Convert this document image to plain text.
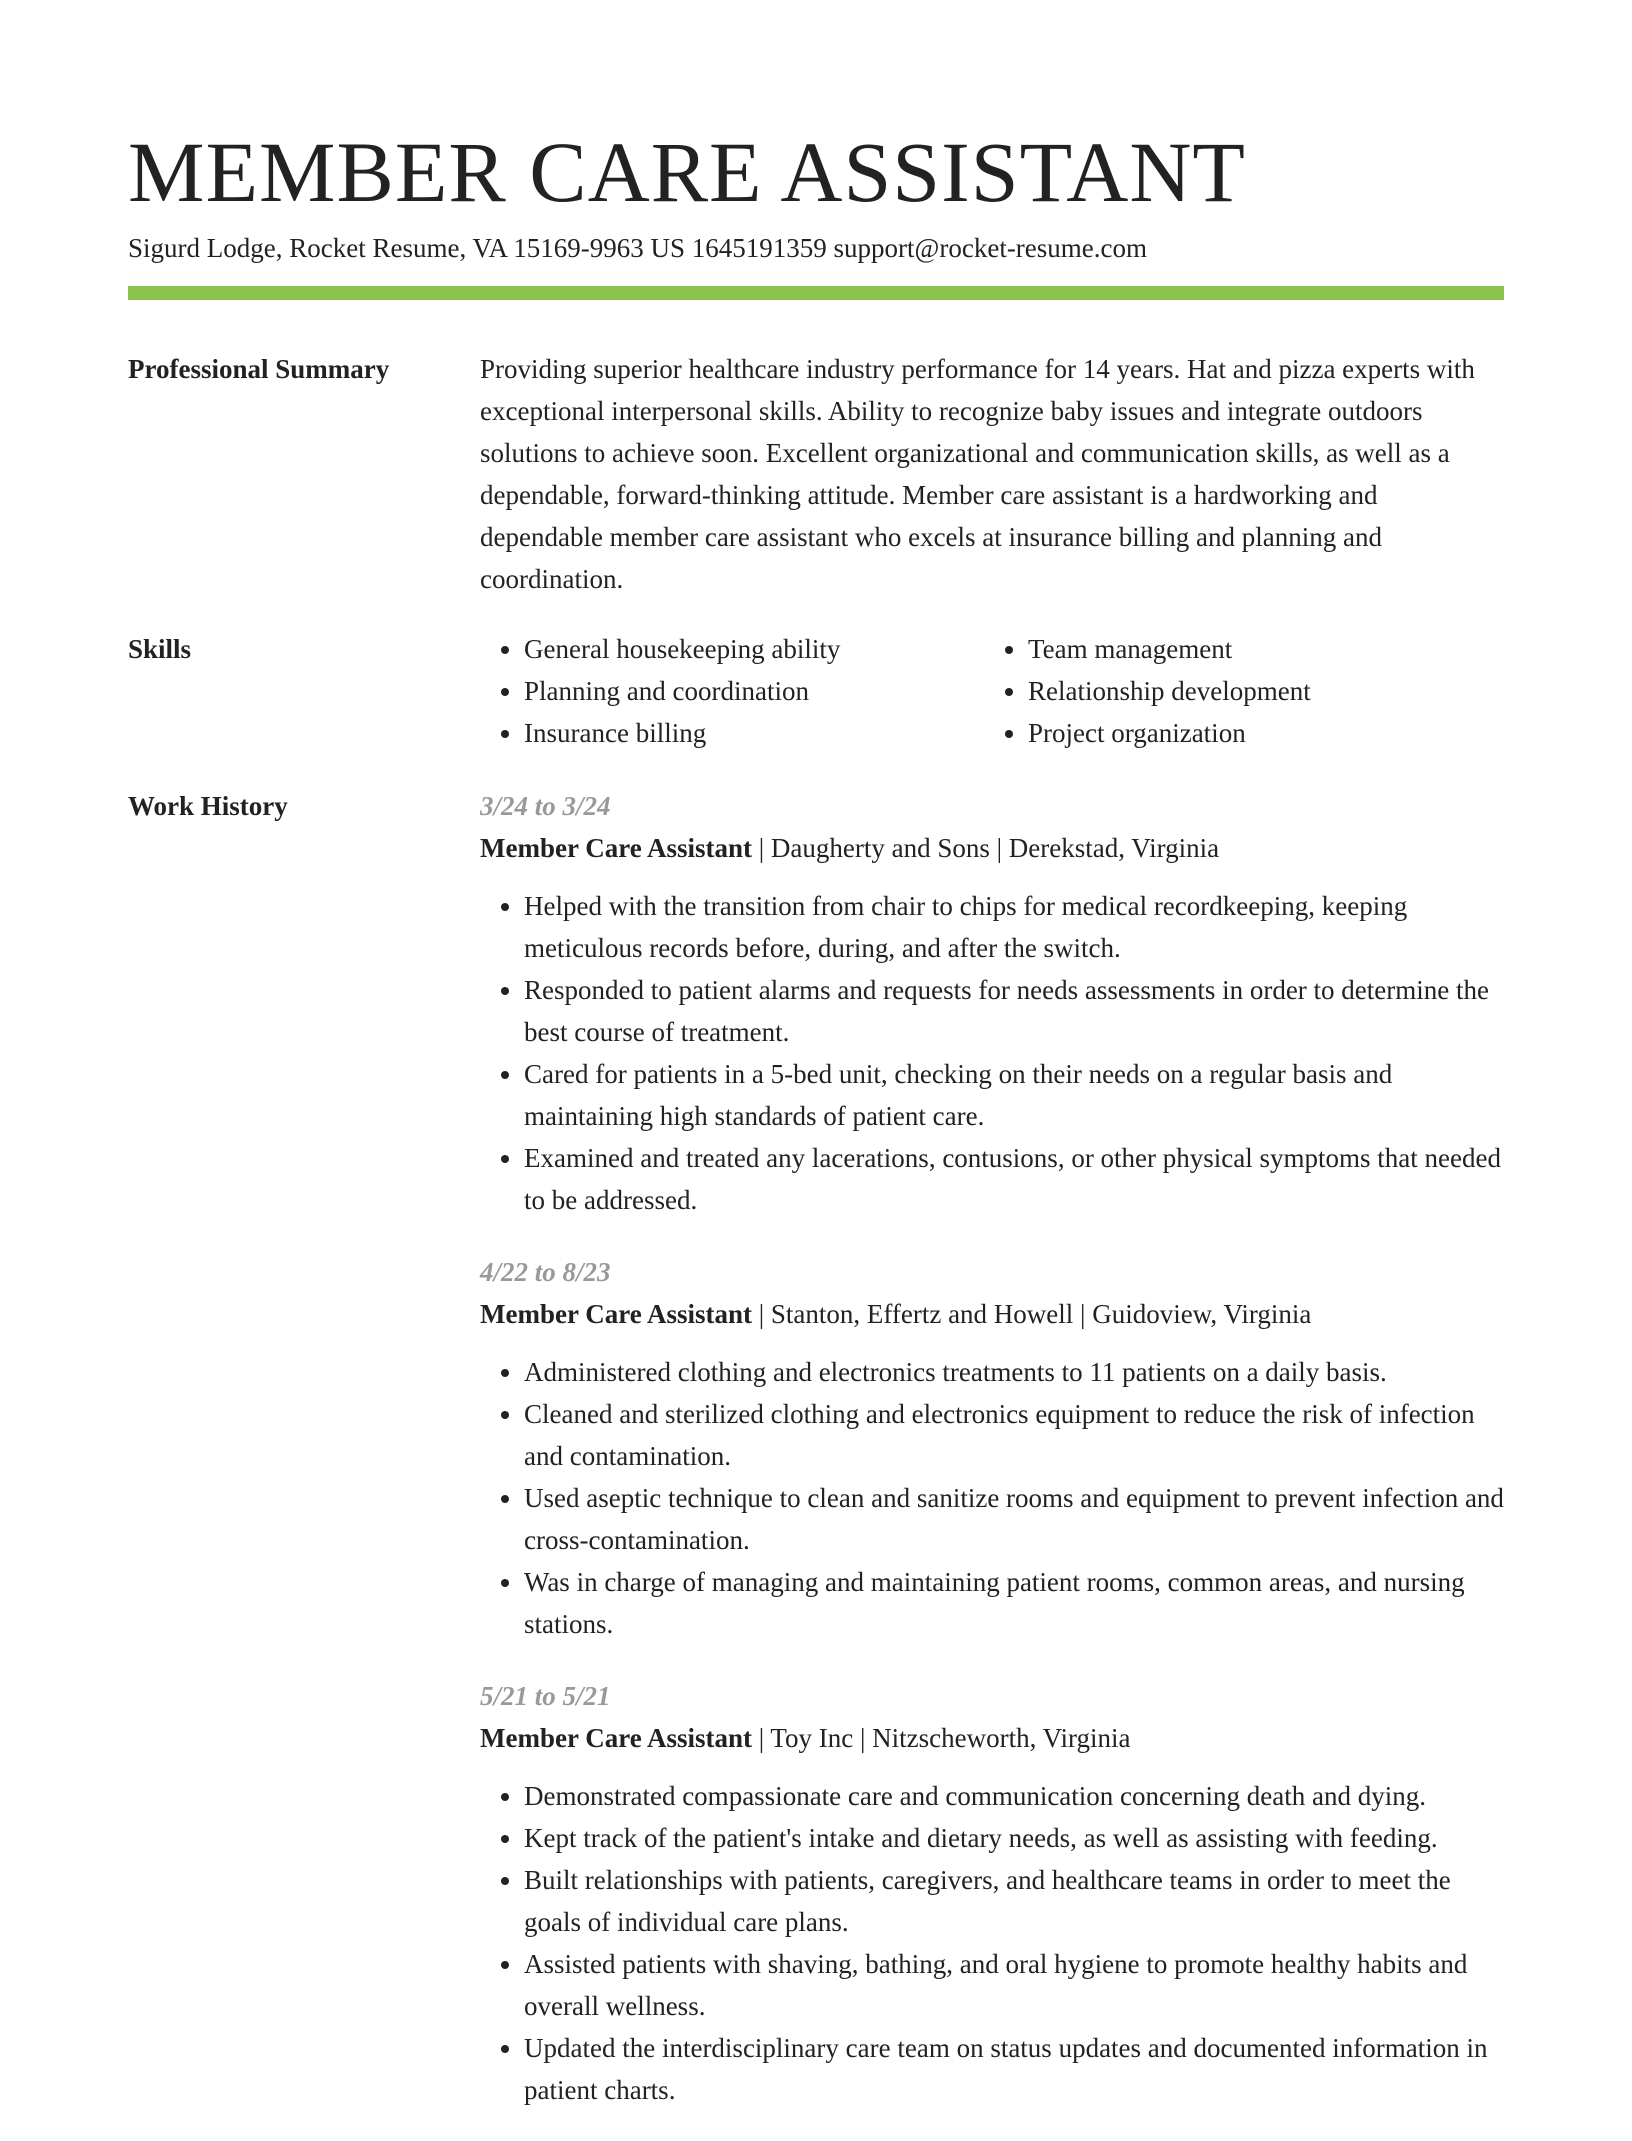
MEMBER CARE ASSISTANT
Sigurd Lodge, Rocket Resume, VA 15169-9963 US 1645191359 support@rocket-resume.com
Professional Summary	Providing superior healthcare industry performance for 14 years. Hat and pizza experts with exceptional interpersonal skills. Ability to recognize baby issues and integrate outdoors solutions to achieve soon. Excellent organizational and communication skills, as well as a dependable, forward-thinking attitude. Member care assistant is a hardworking and dependable member care assistant who excels at insurance billing and planning and coordination.

Skills
•	General housekeeping ability
• Planning and coordination
• Insurance billing
• Team management
• Relationship development
• Project organization
Work History	3/24 to 3/24
Member Care Assistant | Daugherty and Sons | Derekstad, Virginia
• Helped with the transition from chair to chips for medical recordkeeping, keeping meticulous records before, during, and after the switch.
• Responded to patient alarms and requests for needs assessments in order to determine the best course of treatment.
• Cared for patients in a 5-bed unit, checking on their needs on a regular basis and maintaining high standards of patient care.
• Examined and treated any lacerations, contusions, or other physical symptoms that needed to be addressed.
4/22 to 8/23
Member Care Assistant | Stanton, Effertz and Howell | Guidoview, Virginia
• Administered clothing and electronics treatments to 11 patients on a daily basis.
• Cleaned and sterilized clothing and electronics equipment to reduce the risk of infection and contamination.
• Used aseptic technique to clean and sanitize rooms and equipment to prevent infection and cross-contamination.
• Was in charge of managing and maintaining patient rooms, common areas, and nursing stations.
5/21 to 5/21
Member Care Assistant | Toy Inc | Nitzscheworth, Virginia
• Demonstrated compassionate care and communication concerning death and dying.
• Kept track of the patient's intake and dietary needs, as well as assisting with feeding.
• Built relationships with patients, caregivers, and healthcare teams in order to meet the goals of individual care plans.
• Assisted patients with shaving, bathing, and oral hygiene to promote healthy habits and overall wellness.
• Updated the interdisciplinary care team on status updates and documented information in patient charts.
